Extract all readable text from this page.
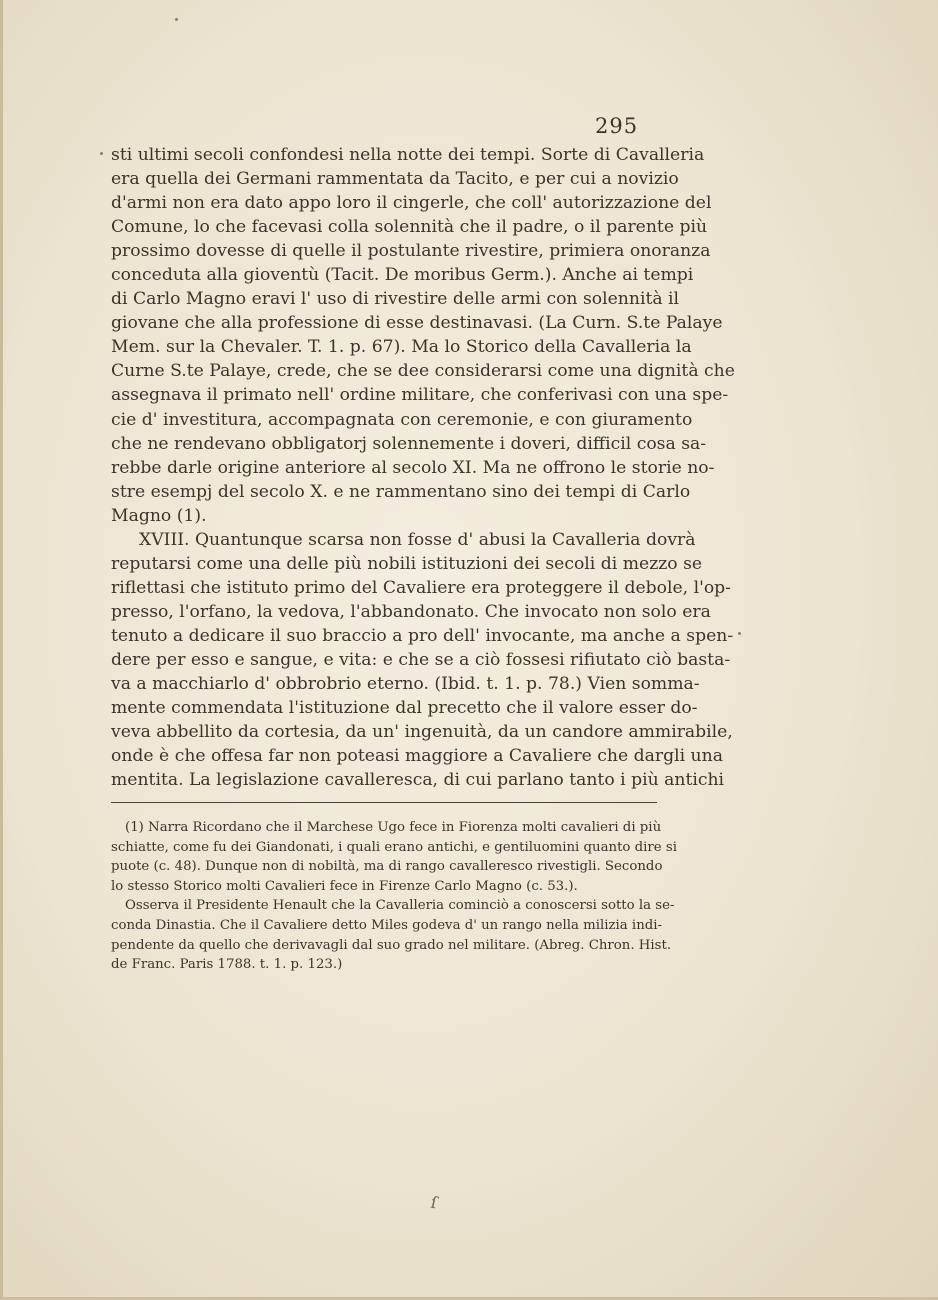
295
sti ultimi secoli confondesi nella notte dei tempi. Sorte di Cavalleria
era quella dei Germani rammentata da Tacito, e per cui a novizio
d'armi non era dato appo loro il cingerle, che coll' autorizzazione del
Comune, lo che facevasi colla solennità che il padre, o il parente più
prossimo dovesse di quelle il postulante rivestire, primiera onoranza
conceduta alla gioventù (Tacit. De moribus Germ.). Anche ai tempi
di Carlo Magno eravi l' uso di rivestire delle armi con solennità il
giovane che alla professione di esse destinavasi. (La Curn. S.te Palaye
Mem. sur la Chevaler. T. 1. p. 67). Ma lo Storico della Cavalleria la
Curne S.te Palaye, crede, che se dee considerarsi come una dignità che
assegnava il primato nell' ordine militare, che conferivasi con una spe-
cie d' investitura, accompagnata con ceremonie, e con giuramento
che ne rendevano obbligatorj solennemente i doveri, difficil cosa sa-
rebbe darle origine anteriore al secolo XI. Ma ne offrono le storie no-
stre esempj del secolo X. e ne rammentano sino dei tempi di Carlo
Magno (1).
XVIII. Quantunque scarsa non fosse d' abusi la Cavalleria dovrà
reputarsi come una delle più nobili istituzioni dei secoli di mezzo se
riflettasi che istituto primo del Cavaliere era proteggere il debole, l'op-
presso, l'orfano, la vedova, l'abbandonato. Che invocato non solo era
tenuto a dedicare il suo braccio a pro dell' invocante, ma anche a spen-
dere per esso e sangue, e vita: e che se a ciò fossesi rifiutato ciò basta-
va a macchiarlo d' obbrobrio eterno. (Ibid. t. 1. p. 78.) Vien somma-
mente commendata l'istituzione dal precetto che il valore esser do-
veva abbellito da cortesia, da un' ingenuità, da un candore ammirabile,
onde è che offesa far non poteasi maggiore a Cavaliere che dargli una
mentita. La legislazione cavalleresca, di cui parlano tanto i più antichi
(1) Narra Ricordano che il Marchese Ugo fece in Fiorenza molti cavalieri di più
schiatte, come fu dei Giandonati, i quali erano antichi, e gentiluomini quanto dire si
puote (c. 48). Dunque non di nobiltà, ma di rango cavalleresco rivestigli. Secondo
lo stesso Storico molti Cavalieri fece in Firenze Carlo Magno (c. 53.).
Osserva il Presidente Henault che la Cavalleria cominciò a conoscersi sotto la se-
conda Dinastia. Che il Cavaliere detto Miles godeva d' un rango nella milizia indi-
pendente da quello che derivavagli dal suo grado nel militare. (Abreg. Chron. Hist.
de Franc. Paris 1788. t. 1. p. 123.)
ſ
